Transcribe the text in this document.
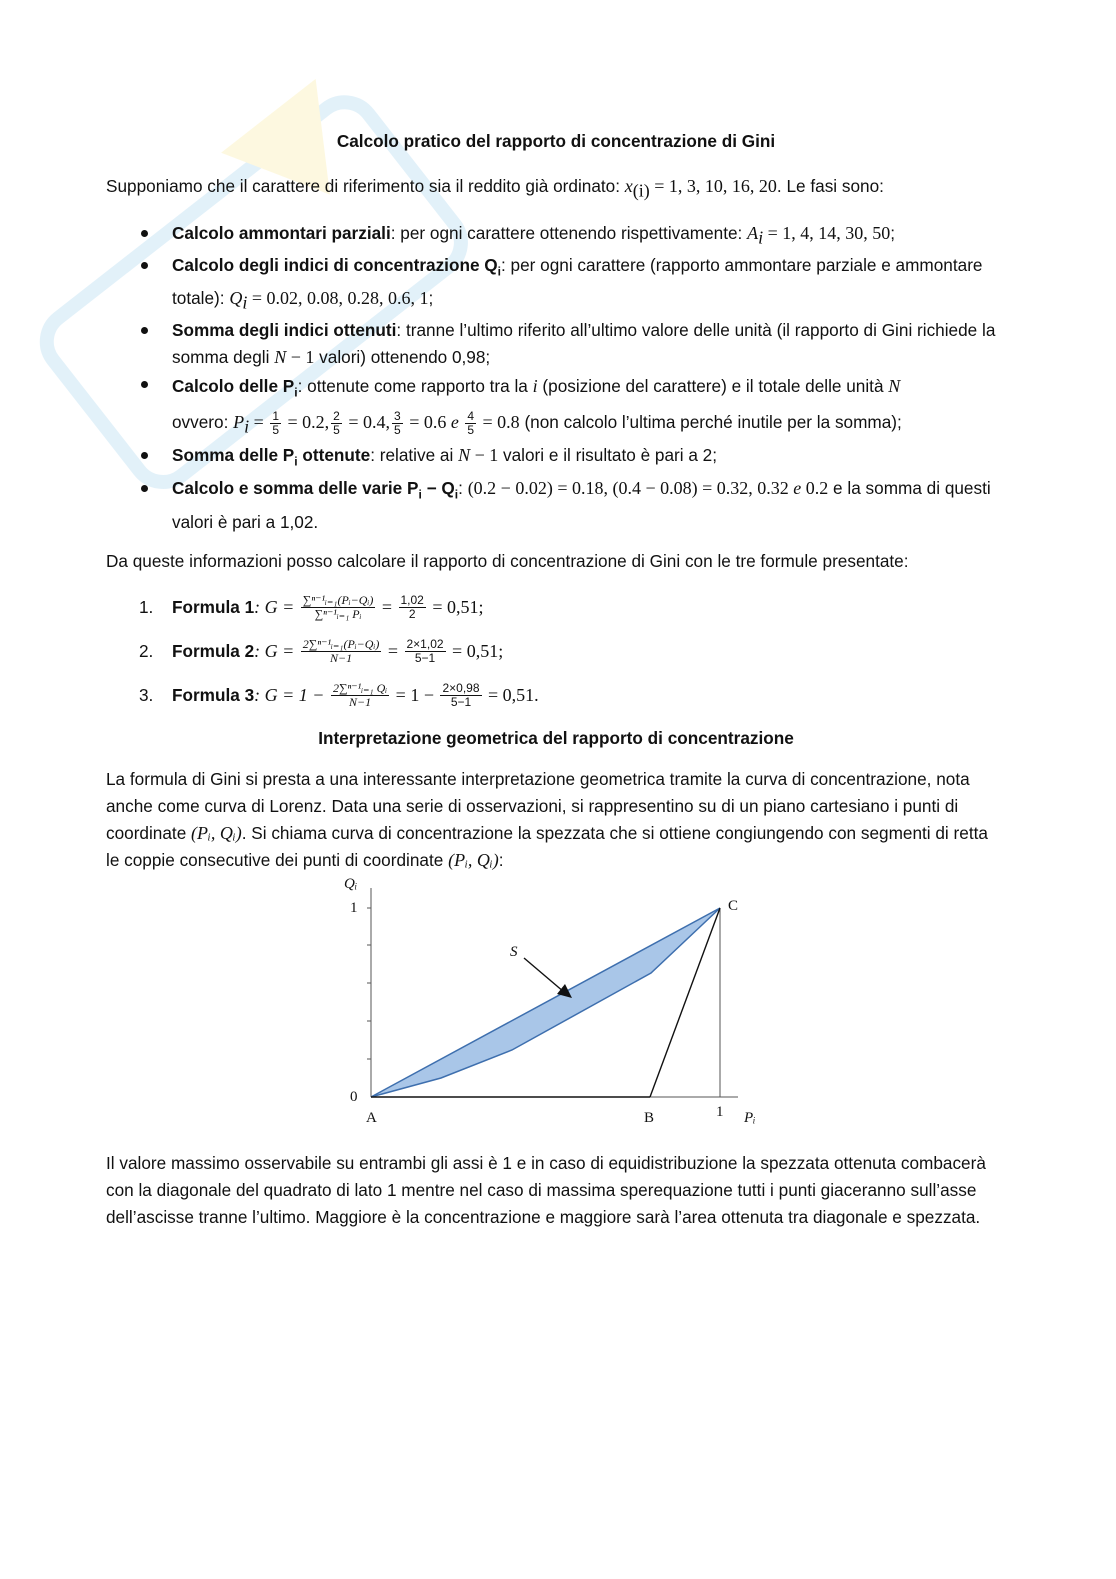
Calcolo pratico del rapporto di concentrazione di Gini

Supponiamo che il carattere di riferimento sia il reddito già ordinato: $x_{(i)} = 1$, 3, 10, 16, 20. Le fasi sono:

Calcolo ammontari parziali: per ogni carattere ottenendo rispettivamente: $A_i = 1$, 4, 14, 30, 50;
Calcolo degli indici di concentrazione $Q_i$: per ogni carattere (rapporto ammontare parziale e ammontare totale): $Q_i = 0.02$, 0.08, 0.28, 0.6, 1;
Somma degli indici ottenuti: tranne l’ultimo riferito all’ultimo valore delle unità (il rapporto di Gini richiede la somma degli N − 1 valori) ottenendo 0,98;
Calcolo delle $P_i$: ottenute come rapporto tra la i (posizione del carattere) e il totale delle unità N
ovvero: $P_i = \frac{1}{5} = 0.2$, $\frac{2}{5} = 0.4$, $\frac{3}{5} = 0.6$ e $\frac{4}{5} = 0.8$ (non calcolo l’ultima perché inutile per la somma);
Somma delle $P_i$ ottenute: relative ai N − 1 valori e il risultato è pari a 2;
Calcolo e somma delle varie $P_i - Q_i$: (0.2 − 0.02) = 0.18, (0.4 − 0.08) = 0.32, 0.32 e 0.2 e la somma di questi valori è pari a 1,02.

Da queste informazioni posso calcolare il rapporto di concentrazione di Gini con le tre formule presentate:

1. Formula 1: $G = \frac{\text{∑ⁿ⁻¹ᵢ₌₁(Pᵢ−Qᵢ)}}{\text{∑ⁿ⁻¹ᵢ₌₁ Pᵢ}} = \frac{1,02}{2} = 0,51$;
2. Formula 2: $G = \frac{\text{2∑ⁿ⁻¹ᵢ₌₁(Pᵢ−Qᵢ)}}{N-1} = \frac{2\times 1,02}{5-1} = 0,51$;
3. Formula 3: $G = 1 - \frac{\text{2∑ⁿ⁻¹ᵢ₌₁ Qᵢ}}{N-1} = 1 - \frac{2\times 0,98}{5-1} = 0,51$.
Interpretazione geometrica del rapporto di concentrazione

La formula di Gini si presta a una interessante interpretazione geometrica tramite la curva di concentrazione, nota anche come curva di Lorenz. Data una serie di osservazioni, si rappresentino su di un piano cartesiano i punti di coordinate (Pᵢ, Qᵢ). Si chiama curva di concentrazione la spezzata che si ottiene congiungendo con segmenti di retta le coppie consecutive dei punti di coordinate (Pᵢ, Qᵢ):

Qᵢ
1
0
A	B	1 Pᵢ
C
S

Il valore massimo osservabile su entrambi gli assi è 1 e in caso di equidistribuzione la spezzata ottenuta combacerà con la diagonale del quadrato di lato 1 mentre nel caso di massima sperequazione tutti i punti giaceranno sull’asse dell’ascisse tranne l’ultimo. Maggiore è la concentrazione e maggiore sarà l’area ottenuta tra diagonale e spezzata.
